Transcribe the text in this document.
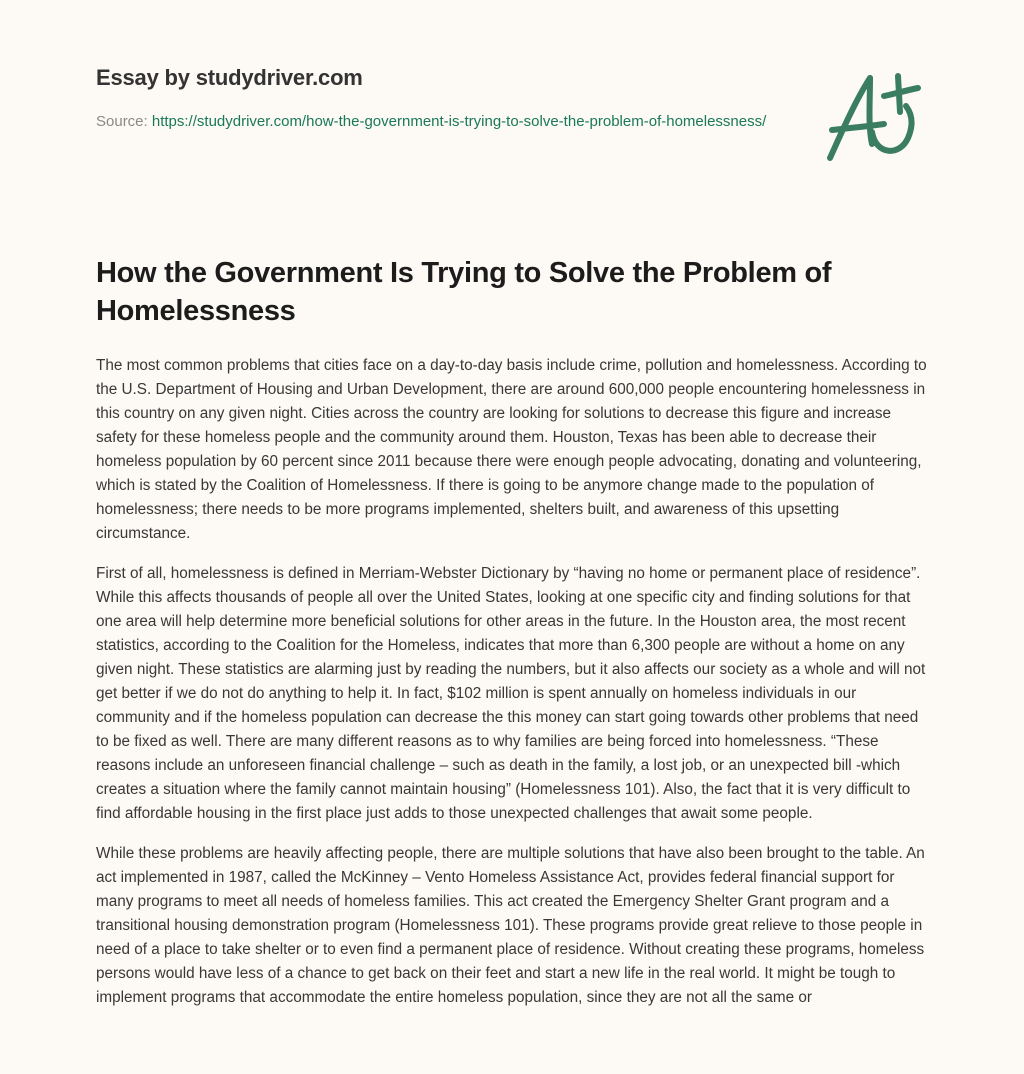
Essay by studydriver.com
Source: https://studydriver.com/how-the-government-is-trying-to-solve-the-problem-of-homelessness/
How the Government Is Trying to Solve the Problem of Homelessness

The most common problems that cities face on a day-to-day basis include crime, pollution and homelessness. According to the U.S. Department of Housing and Urban Development, there are around 600,000 people encountering homelessness in this country on any given night. Cities across the country are looking for solutions to decrease this figure and increase safety for these homeless people and the community around them. Houston, Texas has been able to decrease their homeless population by 60 percent since 2011 because there were enough people advocating, donating and volunteering, which is stated by the Coalition of Homelessness. If there is going to be anymore change made to the population of homelessness; there needs to be more programs implemented, shelters built, and awareness of this upsetting circumstance.

First of all, homelessness is defined in Merriam-Webster Dictionary by “having no home or permanent place of residence”. While this affects thousands of people all over the United States, looking at one specific city and finding solutions for that one area will help determine more beneficial solutions for other areas in the future. In the Houston area, the most recent statistics, according to the Coalition for the Homeless, indicates that more than 6,300 people are without a home on any given night. These statistics are alarming just by reading the numbers, but it also affects our society as a whole and will not get better if we do not do anything to help it. In fact, $102 million is spent annually on homeless individuals in our community and if the homeless population can decrease the this money can start going towards other problems that need to be fixed as well. There are many different reasons as to why families are being forced into homelessness. “These reasons include an unforeseen financial challenge – such as death in the family, a lost job, or an unexpected bill -which creates a situation where the family cannot maintain housing” (Homelessness 101). Also, the fact that it is very difficult to find affordable housing in the first place just adds to those unexpected challenges that await some people.

While these problems are heavily affecting people, there are multiple solutions that have also been brought to the table. An act implemented in 1987, called the McKinney – Vento Homeless Assistance Act, provides federal financial support for many programs to meet all needs of homeless families. This act created the Emergency Shelter Grant program and a transitional housing demonstration program (Homelessness 101). These programs provide great relieve to those people in need of a place to take shelter or to even find a permanent place of residence. Without creating these programs, homeless persons would have less of a chance to get back on their feet and start a new life in the real world. It might be tough to implement programs that accommodate the entire homeless population, since they are not all the same or
